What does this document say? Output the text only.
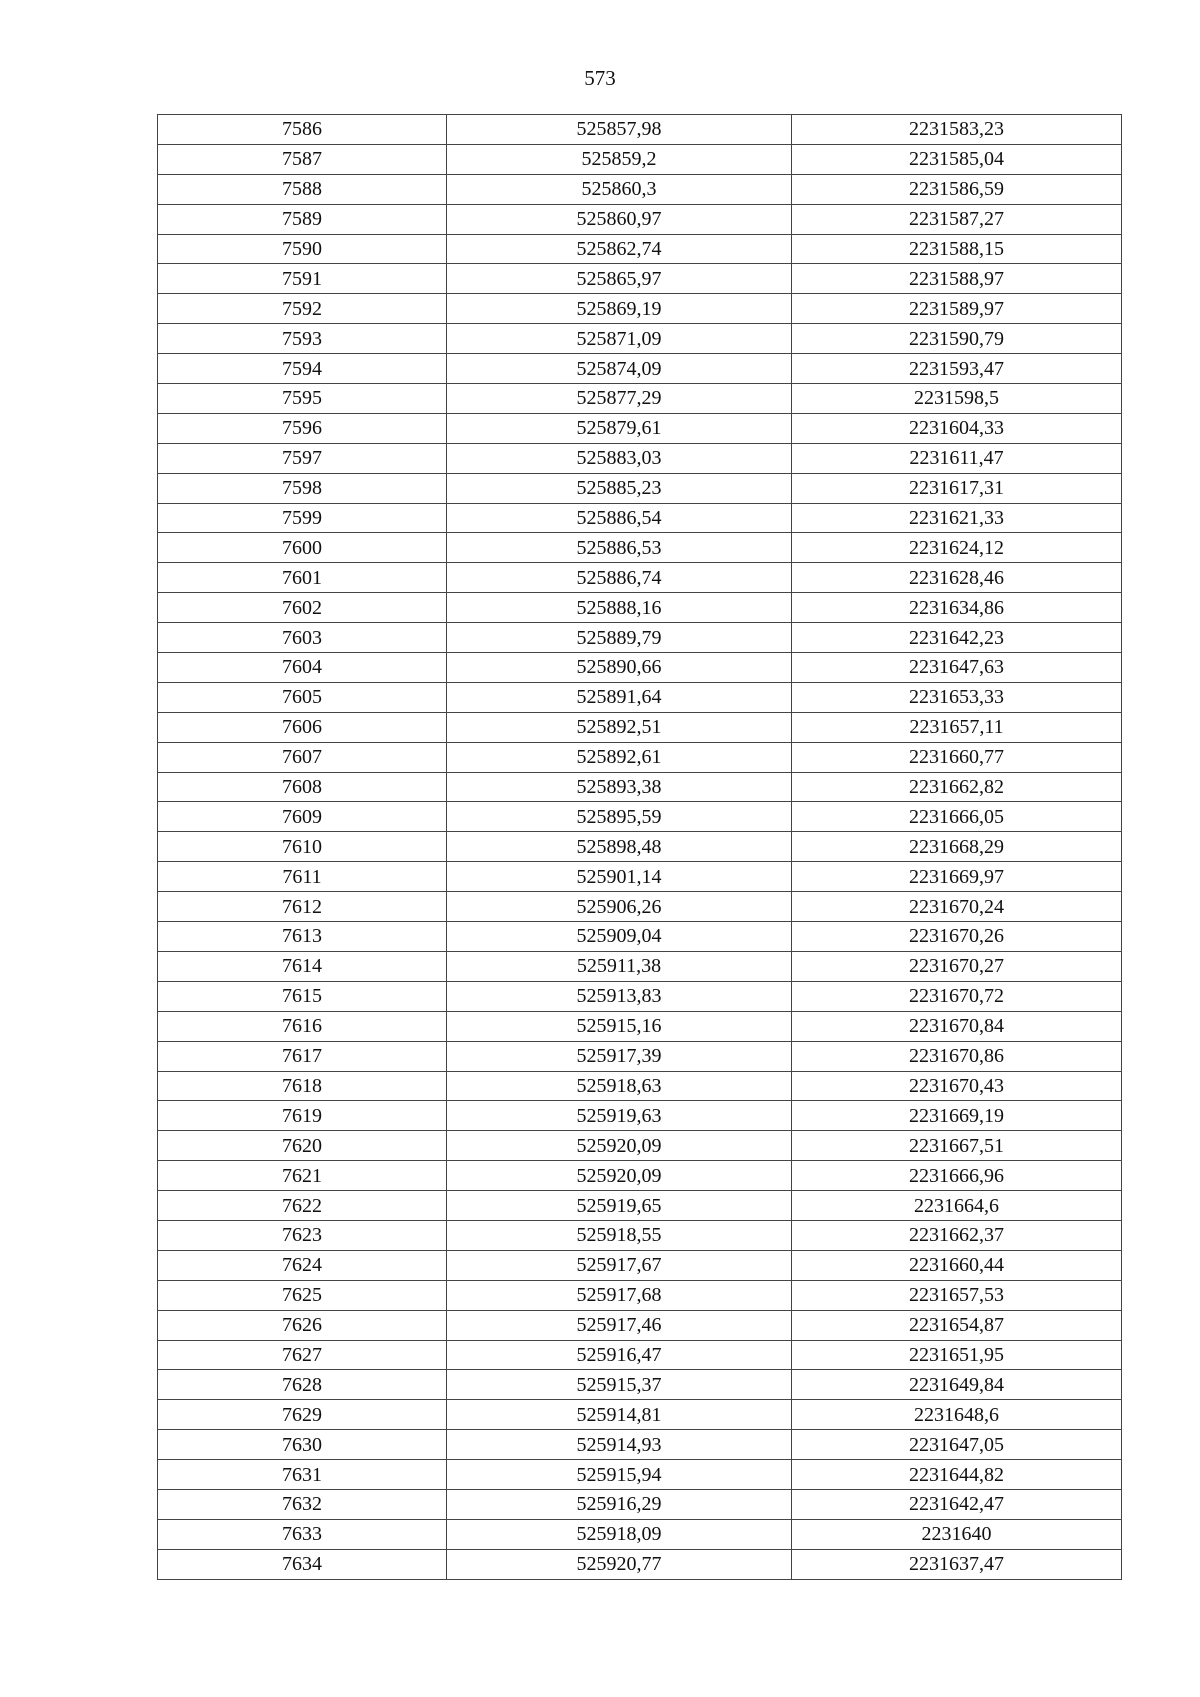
573
7586	525857,98	2231583,23
7587	525859,2	2231585,04
7588	525860,3	2231586,59
7589	525860,97	2231587,27
7590	525862,74	2231588,15
7591	525865,97	2231588,97
7592	525869,19	2231589,97
7593	525871,09	2231590,79
7594	525874,09	2231593,47
7595	525877,29	2231598,5
7596	525879,61	2231604,33
7597	525883,03	2231611,47
7598	525885,23	2231617,31
7599	525886,54	2231621,33
7600	525886,53	2231624,12
7601	525886,74	2231628,46
7602	525888,16	2231634,86
7603	525889,79	2231642,23
7604	525890,66	2231647,63
7605	525891,64	2231653,33
7606	525892,51	2231657,11
7607	525892,61	2231660,77
7608	525893,38	2231662,82
7609	525895,59	2231666,05
7610	525898,48	2231668,29
7611	525901,14	2231669,97
7612	525906,26	2231670,24
7613	525909,04	2231670,26
7614	525911,38	2231670,27
7615	525913,83	2231670,72
7616	525915,16	2231670,84
7617	525917,39	2231670,86
7618	525918,63	2231670,43
7619	525919,63	2231669,19
7620	525920,09	2231667,51
7621	525920,09	2231666,96
7622	525919,65	2231664,6
7623	525918,55	2231662,37
7624	525917,67	2231660,44
7625	525917,68	2231657,53
7626	525917,46	2231654,87
7627	525916,47	2231651,95
7628	525915,37	2231649,84
7629	525914,81	2231648,6
7630	525914,93	2231647,05
7631	525915,94	2231644,82
7632	525916,29	2231642,47
7633	525918,09	2231640
7634	525920,77	2231637,47
